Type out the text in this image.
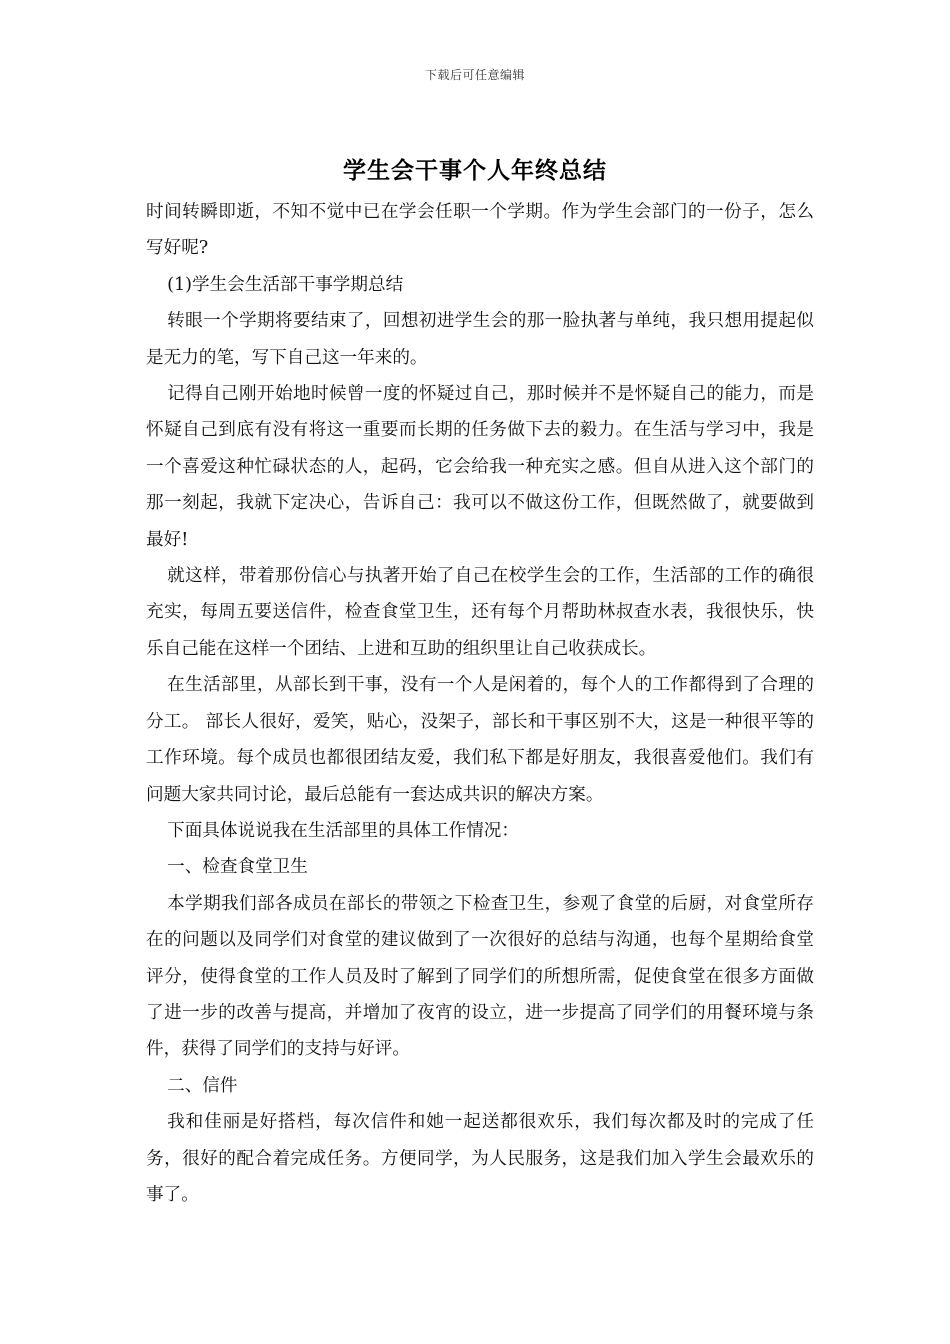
下载后可任意编辑
学生会干事个人年终总结

时间转瞬即逝，不知不觉中已在学会任职一个学期。作为学生会部门的一份子，怎么写好呢?

(1)学生会生活部干事学期总结

转眼一个学期将要结束了，回想初进学生会的那一脸执著与单纯，我只想用提起似是无力的笔，写下自己这一年来的。

记得自己刚开始地时候曾一度的怀疑过自己，那时候并不是怀疑自己的能力，而是怀疑自己到底有没有将这一重要而长期的任务做下去的毅力。在生活与学习中，我是一个喜爱这种忙碌状态的人，起码，它会给我一种充实之感。但自从进入这个部门的那一刻起，我就下定决心，告诉自己：我可以不做这份工作，但既然做了，就要做到最好!

就这样，带着那份信心与执著开始了自己在校学生会的工作，生活部的工作的确很充实，每周五要送信件，检查食堂卫生，还有每个月帮助林叔查水表，我很快乐，快乐自己能在这样一个团结、上进和互助的组织里让自己收获成长。

在生活部里，从部长到干事，没有一个人是闲着的，每个人的工作都得到了合理的分工。 部长人很好，爱笑，贴心，没架子，部长和干事区别不大，这是一种很平等的工作环境。每个成员也都很团结友爱，我们私下都是好朋友，我很喜爱他们。我们有问题大家共同讨论，最后总能有一套达成共识的解决方案。

下面具体说说我在生活部里的具体工作情况：

一、检查食堂卫生

本学期我们部各成员在部长的带领之下检查卫生，参观了食堂的后厨，对食堂所存在的问题以及同学们对食堂的建议做到了一次很好的总结与沟通，也每个星期给食堂评分，使得食堂的工作人员及时了解到了同学们的所想所需，促使食堂在很多方面做了进一步的改善与提高，并增加了夜宵的设立，进一步提高了同学们的用餐环境与条件，获得了同学们的支持与好评。

二、信件

我和佳丽是好搭档，每次信件和她一起送都很欢乐，我们每次都及时的完成了任务，很好的配合着完成任务。方便同学，为人民服务，这是我们加入学生会最欢乐的事了。
